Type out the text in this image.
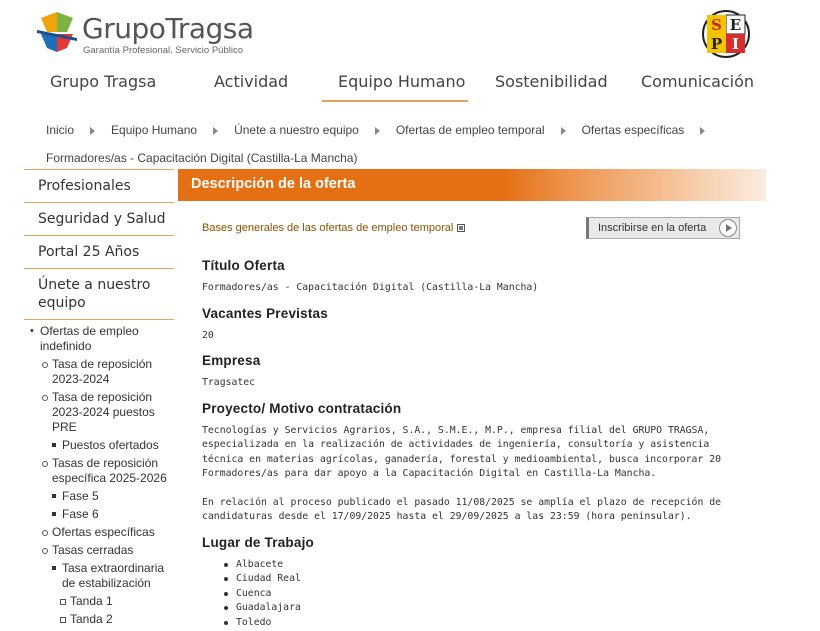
GrupoTragsa
Garantía Profesional. Servicio Público
S E
P I
Grupo Tragsa	Actividad	Equipo Humano Sostenibilidad Comunicación
Inicio	Equipo Humano	Únete a nuestro equipo	Ofertas de empleo temporal	Ofertas específicas
Formadores/as - Capacitación Digital (Castilla-La Mancha)
Profesionales
Seguridad y Salud
Portal 25 Años
Únete a nuestro equipo
• Ofertas de empleo indefinido
Tasa de reposición 2023-2024
Tasa de reposición 2023-2024 puestos PRE
Puestos ofertados
Tasas de reposición específica 2025-2026
Fase 5
Fase 6
Ofertas específicas
Tasas cerradas
Tasa extraordinaria de estabilización
Tanda 1
Tanda 2
Descripción de la oferta
Bases generales de las ofertas de empleo temporal	Inscribirse en la oferta
Título Oferta

Formadores/as - Capacitación Digital (Castilla-La Mancha)

Vacantes Previstas

20

Empresa

Tragsatec

Proyecto/ Motivo contratación

Tecnologías y Servicios Agrarios, S.A., S.M.E., M.P., empresa filial del GRUPO TRAGSA, especializada en la realización de actividades de ingeniería, consultoría y asistencia técnica en materias agrícolas, ganadería, forestal y medioambiental, busca incorporar 20 Formadores/as para dar apoyo a la Capacitación Digital en Castilla-La Mancha.

En relación al proceso publicado el pasado 11/08/2025 se amplía el plazo de recepción de candidaturas desde el 17/09/2025 hasta el 29/09/2025 a las 23:59 (hora peninsular).

Lugar de Trabajo
Albacete
Ciudad Real
Cuenca
Guadalajara
Toledo
